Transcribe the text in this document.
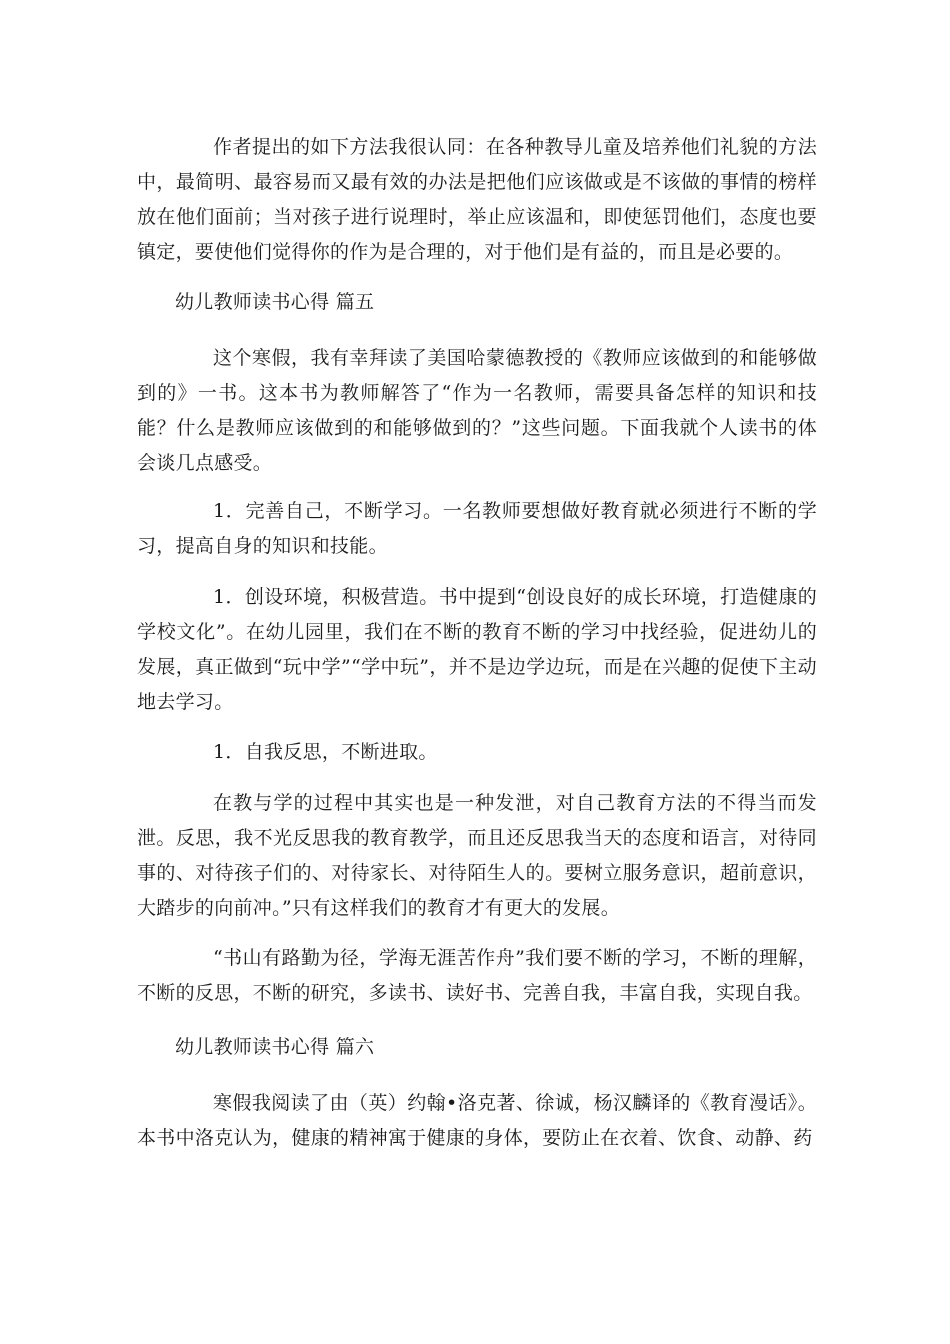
作者提出的如下方法我很认同：在各种教导儿童及培养他们礼貌的方法中，最简明、最容易而又最有效的办法是把他们应该做或是不该做的事情的榜样放在他们面前；当对孩子进行说理时，举止应该温和，即使惩罚他们，态度也要镇定，要使他们觉得你的作为是合理的，对于他们是有益的，而且是必要的。

幼儿教师读书心得 篇五

这个寒假，我有幸拜读了美国哈蒙德教授的《教师应该做到的和能够做到的》一书。这本书为教师解答了“作为一名教师，需要具备怎样的知识和技能？什么是教师应该做到的和能够做到的？”这些问题。下面我就个人读书的体会谈几点感受。

1．完善自己，不断学习。一名教师要想做好教育就必须进行不断的学习，提高自身的知识和技能。

1．创设环境，积极营造。书中提到“创设良好的成长环境，打造健康的学校文化”。在幼儿园里，我们在不断的教育不断的学习中找经验，促进幼儿的发展，真正做到“玩中学”“学中玩”，并不是边学边玩，而是在兴趣的促使下主动地去学习。

1．自我反思，不断进取。

在教与学的过程中其实也是一种发泄，对自己教育方法的不得当而发泄。反思，我不光反思我的教育教学，而且还反思我当天的态度和语言，对待同事的、对待孩子们的、对待家长、对待陌生人的。要树立服务意识，超前意识，大踏步的向前冲。”只有这样我们的教育才有更大的发展。

“书山有路勤为径，学海无涯苦作舟”我们要不断的学习，不断的理解，不断的反思，不断的研究，多读书、读好书、完善自我，丰富自我，实现自我。

幼儿教师读书心得 篇六

寒假我阅读了由（英）约翰•洛克著、徐诚，杨汉麟译的《教育漫话》。本书中洛克认为，健康的精神寓于健康的身体，要防止在衣着、饮食、动静、药
